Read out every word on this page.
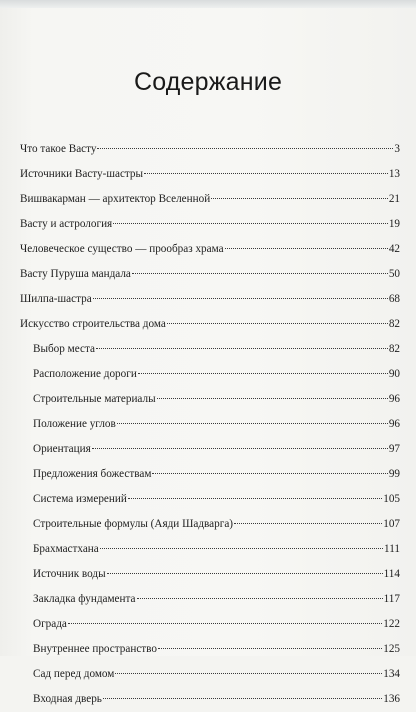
Содержание
Что такое Васту	3
Источники Васту-шастры	13
Вишвакарман — архитектор Вселенной	21
Васту и астрология	19
Человеческое существо — прообраз храма	42
Васту Пуруша мандала	50
Шилпа-шастра	68
Искусство строительства дома	82
Выбор места	82
Расположение дороги	90
Строительные материалы	96
Положение углов	96
Ориентация	97
Предложения божествам	99
Система измерений	105
Строительные формулы (Аяди Шадварга)	107
Брахмастхана	111
Источник воды	114
Закладка фундамента	117
Ограда	122
Внутреннее пространство	125
Сад перед домом	134
Входная дверь	136
